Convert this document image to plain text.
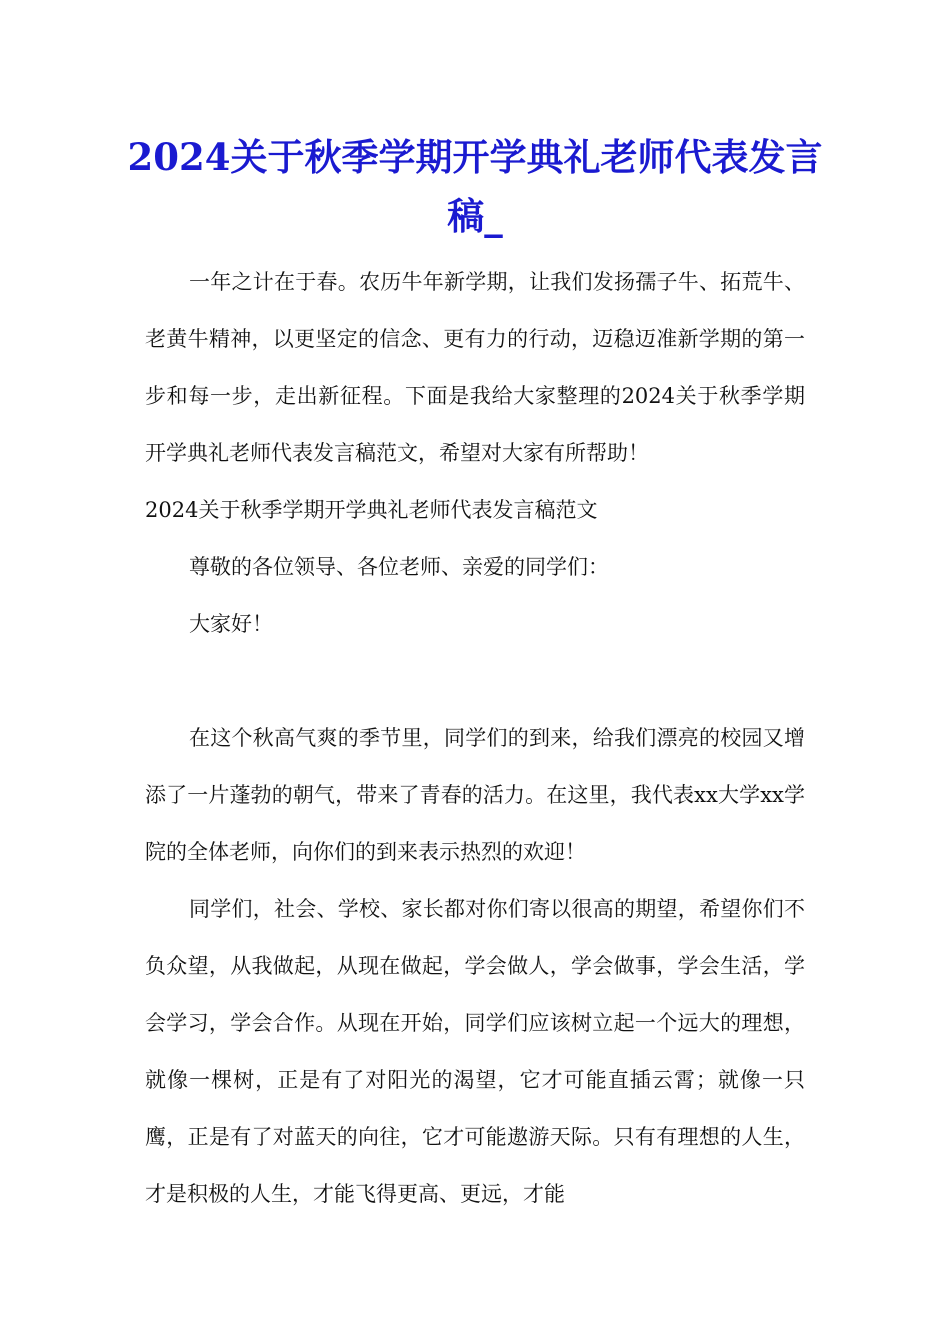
2024关于秋季学期开学典礼老师代表发言稿_

一年之计在于春。农历牛年新学期，让我们发扬孺子牛、拓荒牛、老黄牛精神，以更坚定的信念、更有力的行动，迈稳迈准新学期的第一步和每一步，走出新征程。下面是我给大家整理的2024关于秋季学期开学典礼老师代表发言稿范文，希望对大家有所帮助！

2024关于秋季学期开学典礼老师代表发言稿范文

尊敬的各位领导、各位老师、亲爱的同学们：

大家好！

在这个秋高气爽的季节里，同学们的到来，给我们漂亮的校园又增添了一片蓬勃的朝气，带来了青春的活力。在这里，我代表xx大学xx学院的全体老师，向你们的到来表示热烈的欢迎！

同学们，社会、学校、家长都对你们寄以很高的期望，希望你们不负众望，从我做起，从现在做起，学会做人，学会做事，学会生活，学会学习，学会合作。从现在开始，同学们应该树立起一个远大的理想，就像一棵树，正是有了对阳光的渴望，它才可能直插云霄；就像一只鹰，正是有了对蓝天的向往，它才可能遨游天际。只有有理想的人生，才是积极的人生，才能飞得更高、更远，才能
